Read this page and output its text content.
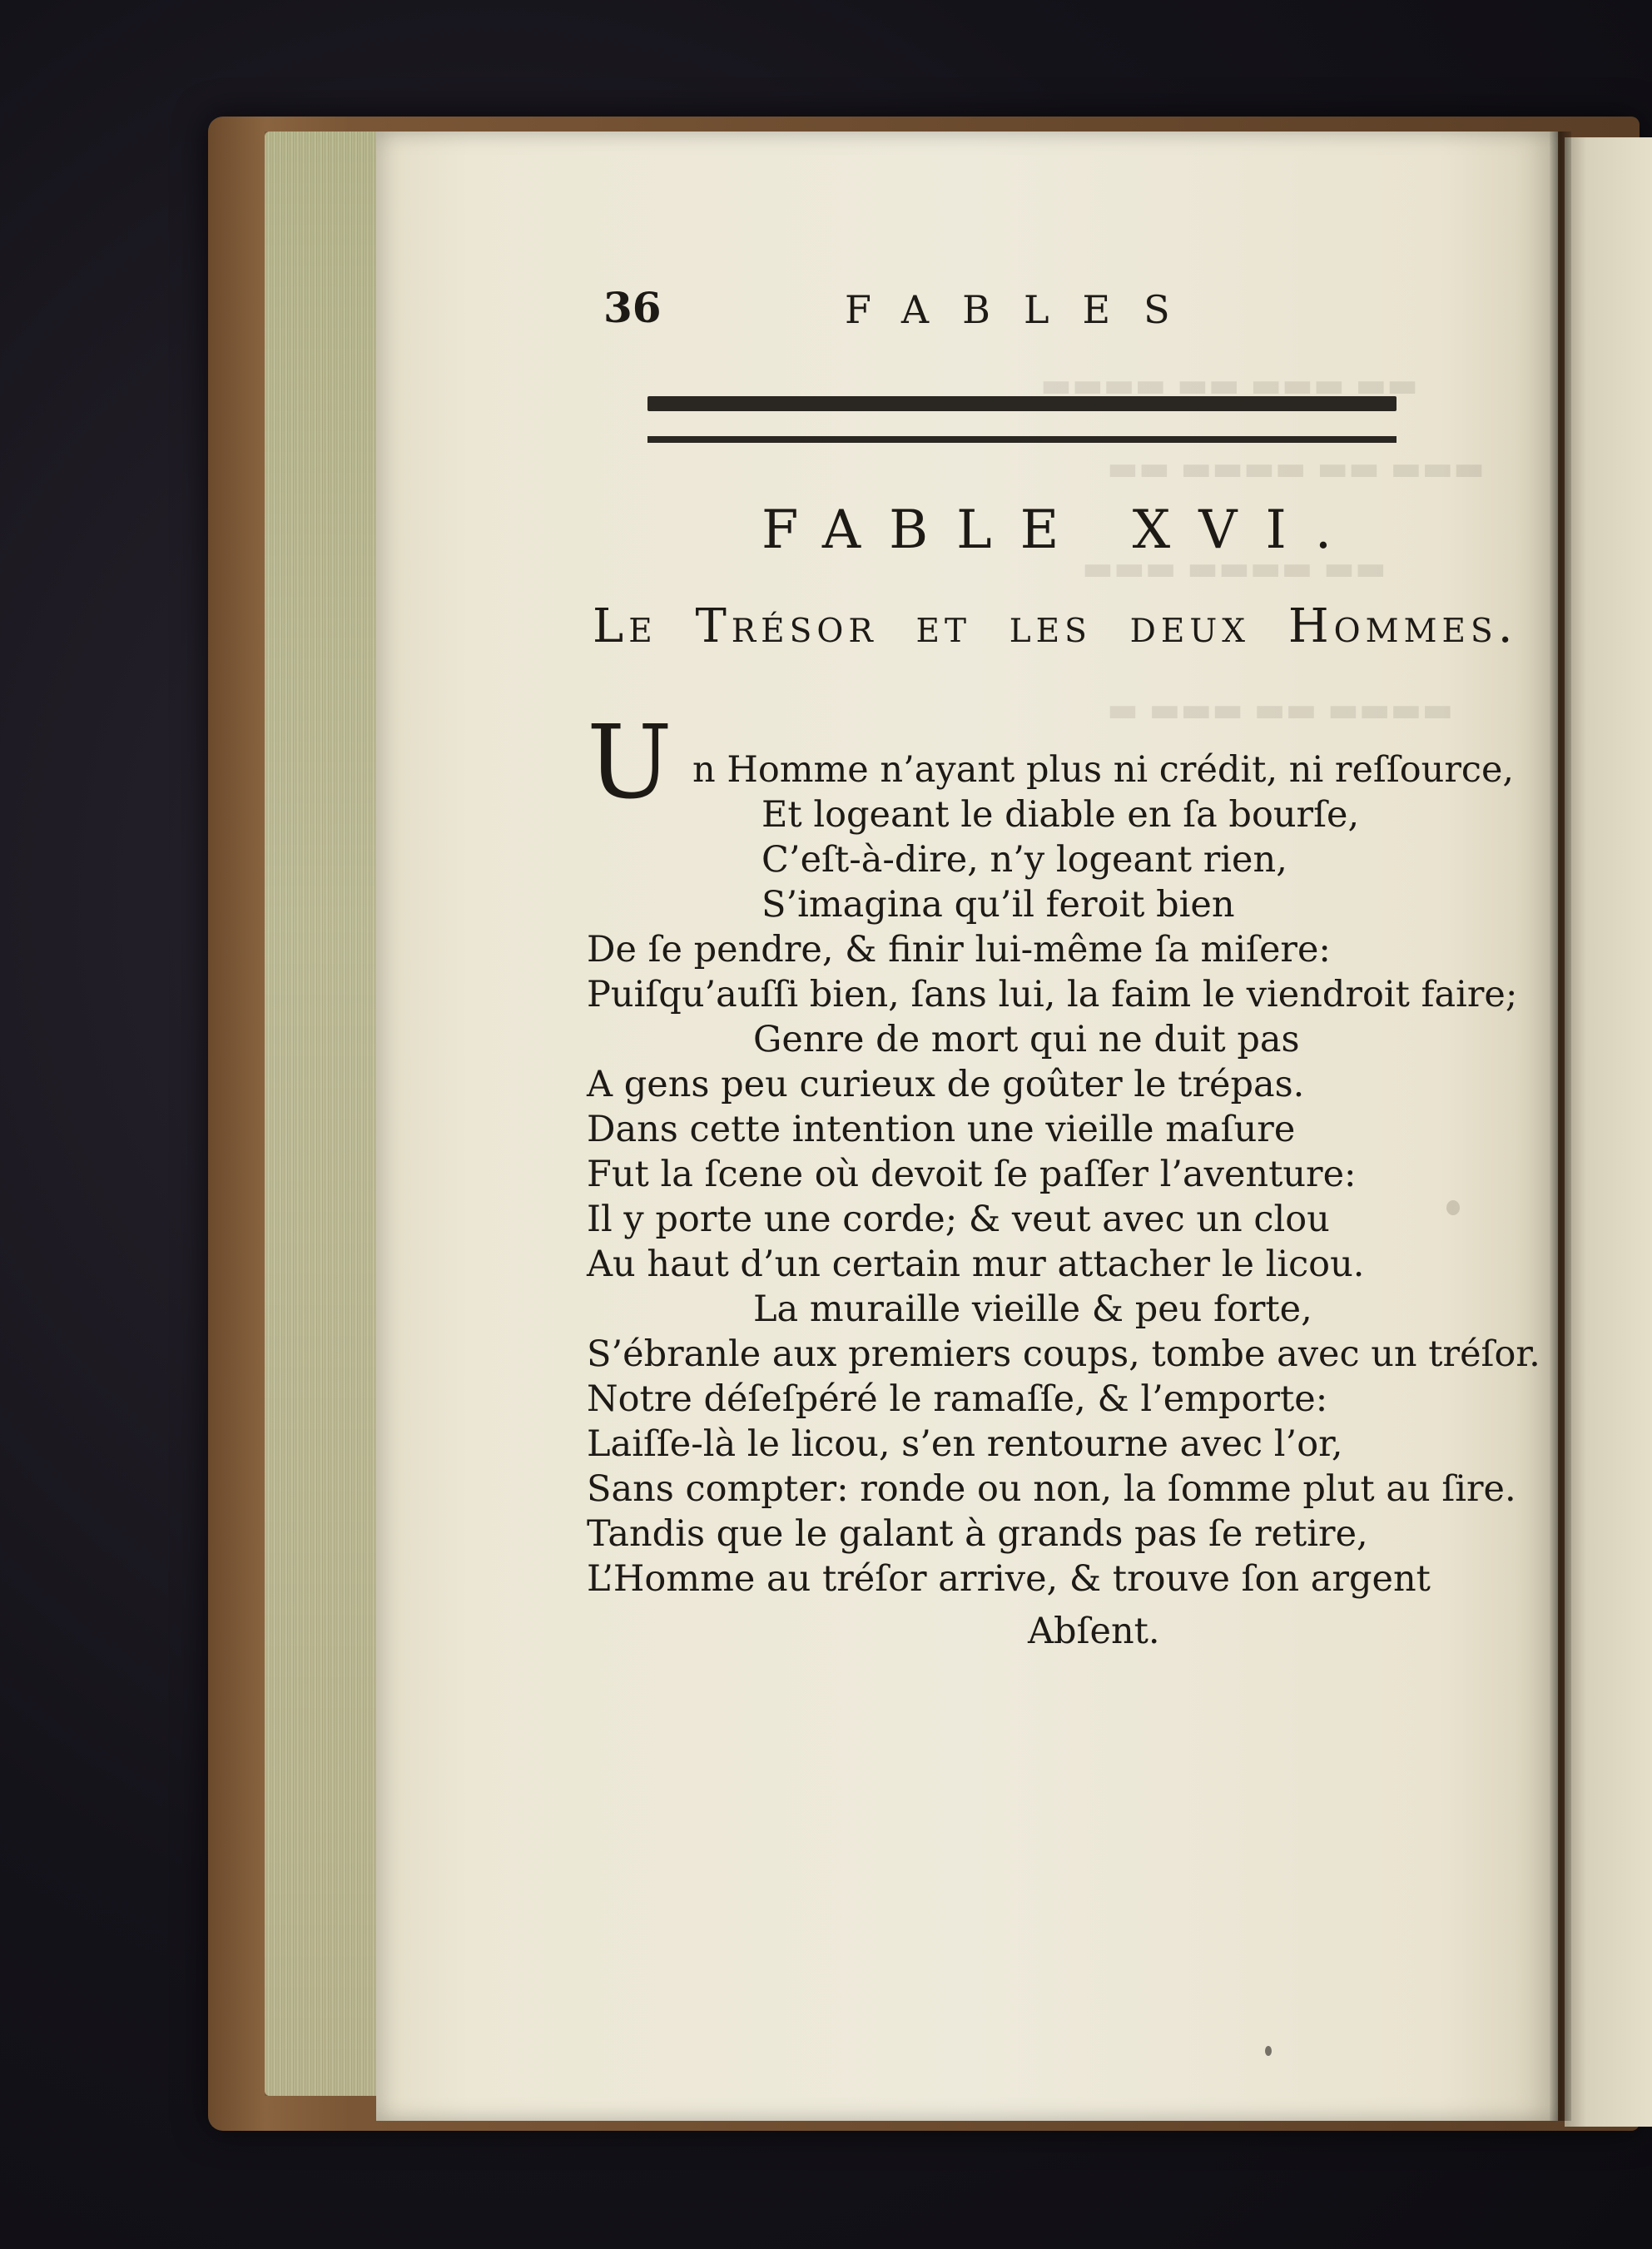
36	FABLES
FABLE XVI.
Le Trésor et les deux Hommes.
U n Homme n’ayant plus ni crédit, ni reſſource,
Et logeant le diable en ſa bourſe,
C’eſt-à-dire, n’y logeant rien,
S’imagina qu’il feroit bien
De ſe pendre, & finir lui-même ſa miſere:
Puiſqu’auſſi bien, ſans lui, la faim le viendroit faire;
Genre de mort qui ne duit pas
A gens peu curieux de goûter le trépas.
Dans cette intention une vieille maſure
Fut la ſcene où devoit ſe paſſer l’aventure:
Il y porte une corde; & veut avec un clou
Au haut d’un certain mur attacher le licou.
La muraille vieille & peu forte,
S’ébranle aux premiers coups, tombe avec un tréſor.
Notre déſeſpéré le ramaſſe, & l’emporte:
Laiſſe-là le licou, s’en rentourne avec l’or,
Sans compter: ronde ou non, la ſomme plut au ſire.
Tandis que le galant à grands pas ſe retire,
L’Homme au tréſor arrive, & trouve ſon argent
Abſent.
